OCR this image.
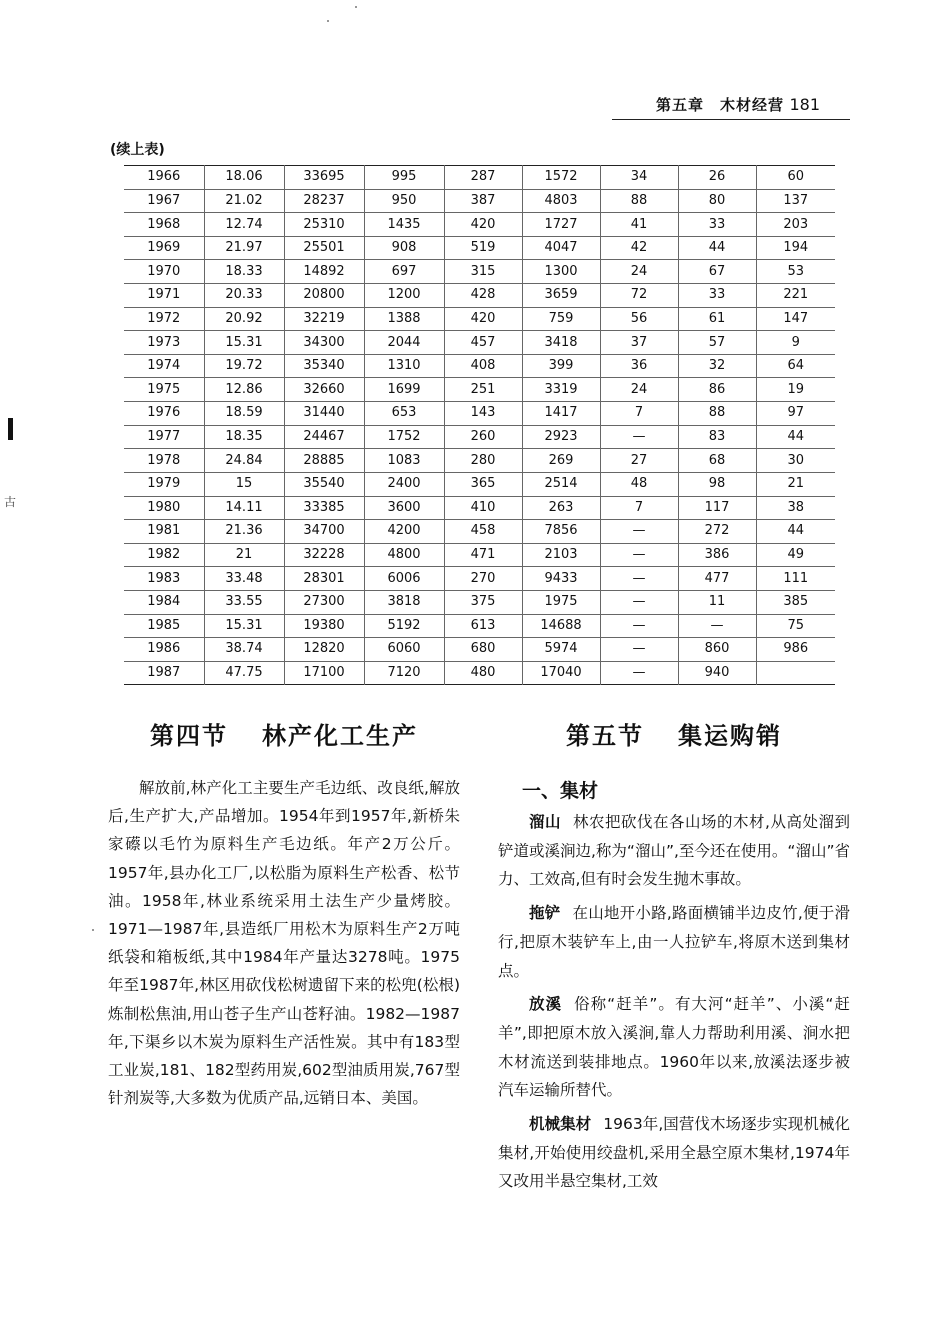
第五章　木材经营 181
(续上表)
1966	18.06	33695	995	287	1572	34	26	60
1967	21.02	28237	950	387	4803	88	80	137
1968	12.74	25310	1435	420	1727	41	33	203
1969	21.97	25501	908	519	4047	42	44	194
1970	18.33	14892	697	315	1300	24	67	53
1971	20.33	20800	1200	428	3659	72	33	221
1972	20.92	32219	1388	420	759	56	61	147
1973	15.31	34300	2044	457	3418	37	57	9
1974	19.72	35340	1310	408	399	36	32	64
1975	12.86	32660	1699	251	3319	24	86	19
1976	18.59	31440	653	143	1417	7	88	97
1977	18.35	24467	1752	260	2923	—	83	44
1978	24.84	28885	1083	280	269	27	68	30
1979	15	35540	2400	365	2514	48	98	21
1980	14.11	33385	3600	410	263	7	117	38
1981	21.36	34700	4200	458	7856	—	272	44
1982	21	32228	4800	471	2103	—	386	49
1983	33.48	28301	6006	270	9433	—	477	111
1984	33.55	27300	3818	375	1975	—	11	385
1985	15.31	19380	5192	613	14688	—	—	75
1986	38.74	12820	6060	680	5974	—	860	986
1987	47.75	17100	7120	480	17040	—	940	
第四节 林产化工生产	第五节 集运购销

解放前,林产化工主要生产毛边纸、改良纸,解放后,生产扩大,产品增加。1954年到1957年,新桥朱家礤以毛竹为原料生产毛边纸。年产2万公斤。1957年,县办化工厂,以松脂为原料生产松香、松节油。1958年,林业系统采用土法生产少量烤胶。1971—1987年,县造纸厂用松木为原料生产2万吨纸袋和箱板纸,其中1984年产量达3278吨。1975年至1987年,林区用砍伐松树遗留下来的松兜(松根)炼制松焦油,用山苍子生产山苍籽油。1982—1987年,下渠乡以木炭为原料生产活性炭。其中有183型工业炭,181、182型药用炭,602型油质用炭,767型针剂炭等,大多数为优质产品,远销日本、美国。

一、集材

溜山 林农把砍伐在各山场的木材,从高处溜到铲道或溪涧边,称为“溜山”,至今还在使用。“溜山”省力、工效高,但有时会发生抛木事故。

拖铲 在山地开小路,路面横铺半边皮竹,便于滑行,把原木装铲车上,由一人拉铲车,将原木送到集材点。

放溪 俗称“赶羊”。有大河“赶羊”、小溪“赶羊”,即把原木放入溪涧,靠人力帮助利用溪、涧水把木材流送到装排地点。1960年以来,放溪法逐步被汽车运输所替代。

机械集材 1963年,国营伐木场逐步实现机械化集材,开始使用绞盘机,采用全悬空原木集材,1974年又改用半悬空集材,工效

古
